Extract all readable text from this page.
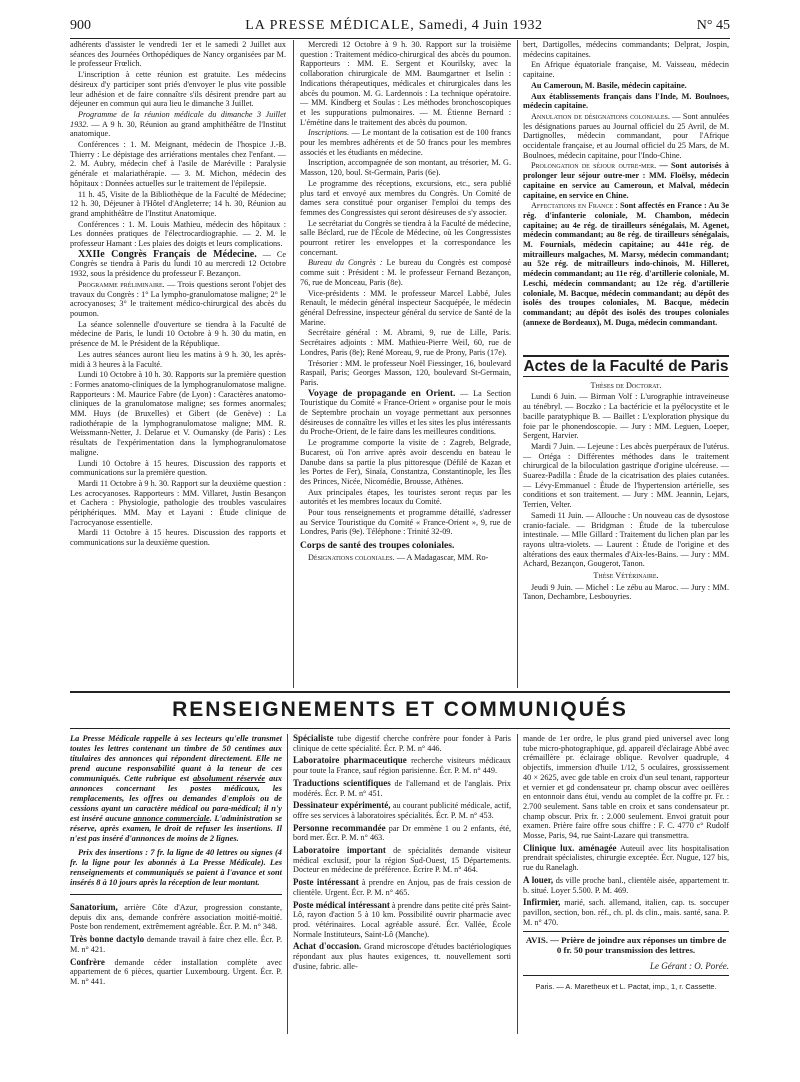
900	LA PRESSE MÉDICALE, Samedi, 4 Juin 1932	N° 45

adhérents d'assister le vendredi 1er et le samedi 2 Juillet aux séances des Journées Orthopédiques de Nancy organisées par M. le professeur Frœlich.

L'inscription à cette réunion est gratuite. Les médecins désireux d'y participer sont priés d'envoyer le plus vite possible leur adhésion et de faire connaître s'ils désirent prendre part au déjeuner en commun qui aura lieu le dimanche 3 Juillet.

Programme de la réunion médicale du dimanche 3 Juillet 1932. — A 9 h. 30, Réunion au grand amphithéâtre de l'Institut anatomique.

Conférences : 1. M. Meignant, médecin de l'hospice J.-B. Thierry : Le dépistage des arriérations mentales chez l'enfant. — 2. M. Aubry, médecin chef à l'asile de Maréville : Paralysie générale et malariathérapie. — 3. M. Michon, médecin des hôpitaux : Données actuelles sur le traitement de l'épilepsie.

11 h. 45, Visite de la Bibliothèque de la Faculté de Médecine; 12 h. 30, Déjeuner à l'Hôtel d'Angleterre; 14 h. 30, Réunion au grand amphithéâtre de l'Institut Anatomique.

Conférences : 1. M. Louis Mathieu, médecin des hôpitaux : Les données pratiques de l'électrocardiographie. — 2. M. le professeur Hamant : Les plaies des doigts et leurs complications.

XXIIe Congrès Français de Médecine. — Ce Congrès se tiendra à Paris du lundi 10 au mercredi 12 Octobre 1932, sous la présidence du professeur F. Bezançon.

Programme préliminaire. — Trois questions seront l'objet des travaux du Congrès : 1° La lympho-granulomatose maligne; 2° le acrocyanoses; 3° le traitement médico-chirurgical des abcès du poumon.

La séance solennelle d'ouverture se tiendra à la Faculté de médecine de Paris, le lundi 10 Octobre à 9 h. 30 du matin, en présence de M. le Président de la République.

Les autres séances auront lieu les matins à 9 h. 30, les après-midi à 3 heures à la Faculté.

Lundi 10 Octobre à 10 h. 30. Rapports sur la première question : Formes anatomo-cliniques de la lymphogranulomatose maligne. Rapporteurs : M. Maurice Fabre (de Lyon) : Caractères anatomo-cliniques de la granulomatose maligne; ses formes anormales; MM. Huys (de Bruxelles) et Gibert (de Genève) : La radiothérapie de la lymphogranulomatose maligne; MM. R. Weissmann-Netter, J. Delarue et V. Oumansky (de Paris) : Les résultats de l'expérimentation dans la lymphogranulomatose maligne.

Lundi 10 Octobre à 15 heures. Discussion des rapports et communications sur la première question.

Mardi 11 Octobre à 9 h. 30. Rapport sur la deuxième question : Les acrocyanoses. Rapporteurs : MM. Villaret, Justin Besançon et Cachera : Physiologie, pathologie des troubles vasculaires périphériques. MM. May et Layani : Étude clinique de l'acrocyanose essentielle.

Mardi 11 Octobre à 15 heures. Discussion des rapports et communications sur la deuxième question.

Mercredi 12 Octobre à 9 h. 30. Rapport sur la troisième question : Traitement médico-chirurgical des abcès du poumon. Rapporteurs : MM. E. Sergent et Kourilsky, avec la collaboration chirurgicale de MM. Baumgartner et Iselin : Indications thérapeutiques, médicales et chirurgicales dans les abcès du poumon. M. G. Lardennois : La technique opératoire. — MM. Kindberg et Soulas : Les méthodes bronchoscopiques et les suppurations pulmonaires. — M. Étienne Bernard : L'émétine dans le traitement des abcès du poumon.

Inscriptions. — Le montant de la cotisation est de 100 francs pour les membres adhérents et de 50 francs pour les membres associés et les étudiants en médecine.

Inscription, accompagnée de son montant, au trésorier, M. G. Masson, 120, boul. St-Germain, Paris (6e).

Le programme des réceptions, excursions, etc., sera publié plus tard et envoyé aux membres du Congrès. Un Comité de dames sera constitué pour organiser l'emploi du temps des femmes des Congressistes qui seront désireuses de s'y associer.

Le secrétariat du Congrès se tiendra à la Faculté de médecine, salle Béclard, rue de l'École de Médecine, où les Congressistes pourront retirer les enveloppes et la correspondance les concernant.

Bureau du Congrès : Le bureau du Congrès est composé comme suit : Président : M. le professeur Fernand Bezançon, 76, rue de Monceau, Paris (8e).

Vice-présidents : MM. le professeur Marcel Labbé, Jules Renault, le médecin général inspecteur Sacquépée, le médecin général Defressine, inspecteur général du service de Santé de la Marine.

Secrétaire général : M. Abrami, 9, rue de Lille, Paris. Secrétaires adjoints : MM. Mathieu-Pierre Weil, 60, rue de Londres, Paris (8e); René Moreau, 9, rue de Prony, Paris (17e).

Trésorier : MM. le professeur Noël Fiessinger, 16, boulevard Raspail, Paris; Georges Masson, 120, boulevard St-Germain, Paris.

Voyage de propagande en Orient. — La Section Touristique du Comité « France-Orient » organise pour le mois de Septembre prochain un voyage permettant aux personnes désireuses de connaître les villes et les sites les plus intéressants du Proche-Orient, de le faire dans les meilleures conditions.

Le programme comporte la visite de : Zagreb, Belgrade, Bucarest, où l'on arrive après avoir descendu en bateau le Danube dans sa partie la plus pittoresque (Défilé de Kazan et les Portes de Fer), Sinaïa, Constantza, Constantinople, les Îles des Princes, Nicée, Nicomédie, Brousse, Athènes.

Aux principales étapes, les touristes seront reçus par les autorités et les membres locaux du Comité.

Pour tous renseignements et programme détaillé, s'adresser au Service Touristique du Comité « France-Orient », 9, rue de Londres, Paris (9e). Téléphone : Trinité 32-09.

Corps de santé des troupes coloniales.

Désignations coloniales. — A Madagascar, MM. Ro-

bert, Dartigolles, médecins commandants; Delprat, Jospin, médecins capitaines.

En Afrique équatoriale française, M. Vaisseau, médecin capitaine.

Au Cameroun, M. Basile, médecin capitaine.

Aux établissements français dans l'Inde, M. Boulnoes, médecin capitaine.

Annulation de désignations coloniales. — Sont annulées les désignations parues au Journal officiel du 25 Avril, de M. Dartignolles, médecin commandant, pour l'Afrique occidentale française, et au Journal officiel du 25 Mars, de M. Boulnoes, médecin capitaine, pour l'Indo-Chine.

Prolongation de séjour outre-mer. — Sont autorisés à prolonger leur séjour outre-mer : MM. Floëlsy, médecin capitaine en service au Cameroun, et Malval, médecin capitaine, en service en Chine.

Affectations en France : Sont affectés en France : Au 3e rég. d'infanterie coloniale, M. Chambon, médecin capitaine; au 4e rég. de tirailleurs sénégalais, M. Agenet, médecin commandant; au 8e rég. de tirailleurs sénégalais, M. Fournials, médecin capitaine; au 441e rég. de mitrailleurs malgaches, M. Marsy, médecin commandant; au 52e rég. de mitrailleurs indo-chinois, M. Hilleret, médecin commandant; au 11e rég. d'artillerie coloniale, M. Leschi, médecin commandant; au 12e rég. d'artillerie coloniale, M. Bacque, médecin commandant; au dépôt des isolés des troupes coloniales, M. Bacque, médecin commandant; au dépôt des isolés des troupes coloniales (annexe de Bordeaux), M. Duga, médecin commandant.

Actes de la Faculté de Paris
Thèses de Doctorat.

Lundi 6 Juin. — Birman Volf : L'urographie intraveineuse au ténébryl. — Boczko : La bactéricie et la pyélocystite et le bacille paratyphique B. — Baillet : L'exploration physique du foie par le phonendoscopie. — Jury : MM. Leguen, Loeper, Sergent, Harvier.

Mardi 7 Juin. — Lejeune : Les abcès puerpéraux de l'utérus. — Ortéga : Différentes méthodes dans le traitement chirurgical de la biloculation gastrique d'origine ulcéreuse. — Suarez-Padilla : Étude de la cicatrisation des plaies cutanées. — Lévy-Emmanuel : Étude de l'hypertension artérielle, ses conditions et son traitement. — Jury : MM. Jeannin, Lejars, Terrien, Velter.

Samedi 11 Juin. — Allouche : Un nouveau cas de dysostose cranio-faciale. — Bridgman : Étude de la tuberculose intestinale. — Mlle Gillard : Traitement du lichen plan par les rayons ultra-violets. — Laurent : Étude de l'origine et des altérations des eaux thermales d'Aix-les-Bains. — Jury : MM. Achard, Bezançon, Gougerot, Tanon.

Thèse Vétérinaire.

Jeudi 9 Juin. — Michel : Le zébu au Maroc. — Jury : MM. Tanon, Dechambre, Lesbouyries.

RENSEIGNEMENTS ET COMMUNIQUÉS
La Presse Médicale rappelle à ses lecteurs qu'elle transmet toutes les lettres contenant un timbre de 50 centimes aux titulaires des annonces qui répondent directement. Elle ne prend aucune responsabilité quant à la teneur de ces communiqués. Cette rubrique est absolument réservée aux annonces concernant les postes médicaux, les remplacements, les offres ou demandes d'emplois ou de cessions ayant un caractère médical ou para-médical; il n'y est inséré aucune annonce commerciale. L'administration se réserve, après examen, le droit de refuser les insertions. Il n'est pas inséré d'annonces de moins de 2 lignes.
Prix des insertions : 7 fr. la ligne de 40 lettres ou signes (4 fr. la ligne pour les abonnés à La Presse Médicale). Les renseignements et communiqués se paient à l'avance et sont insérés 8 à 10 jours après la réception de leur montant.

Sanatorium, arrière Côte d'Azur, progression constante, depuis dix ans, demande confrère association moitié-moitié. Poste bon rendement, extrêmement agréable. Écr. P. M. n° 348.

Très bonne dactylo demande travail à faire chez elle. Écr. P. M. n° 421.

Confrère demande céder installation complète avec appartement de 6 pièces, quartier Luxembourg. Urgent. Écr. P. M. n° 441.

Spécialiste tube digestif cherche confrère pour fonder à Paris clinique de cette spécialité. Écr. P. M. n° 446.

Laboratoire pharmaceutique recherche visiteurs médicaux pour toute la France, sauf région parisienne. Écr. P. M. n° 449.

Traductions scientifiques de l'allemand et de l'anglais. Prix modérés. Écr. P. M. n° 451.

Dessinateur expérimenté, au courant publicité médicale, actif, offre ses services à laboratoires spécialités. Écr. P. M. n° 453.

Personne recommandée par Dr emmène 1 ou 2 enfants, été, bord mer. Écr. P. M. n° 463.

Laboratoire important de spécialités demande visiteur médical exclusif, pour la région Sud-Ouest, 15 Départements. Docteur en médecine de préférence. Écrire P. M. n° 464.

Poste intéressant à prendre en Anjou, pas de frais cession de clientèle. Urgent. Écr. P. M. n° 465.

Poste médical intéressant à prendre dans petite cité près Saint-Lô, rayon d'action 5 à 10 km. Possibilité ouvrir pharmacie avec prod. vétérinaires. Local agréable assuré. Écr. Vallée, École Normale Instituteurs, Saint-Lô (Manche).

Achat d'occasion. Grand microscope d'études bactériologiques répondant aux plus hautes exigences, tt. nouvellement sorti d'usine, fabric. alle-

mande de 1er ordre, le plus grand pied universel avec long tube micro-photographique, gd. appareil d'éclairage Abbé avec crémaillère pr. éclairage oblique. Revolver quadruple, 4 objectifs, immersion d'huile 1/12, 5 oculaires, grossissement 40 × 2625, avec gde table en croix d'un seul tenant, rapporteur et vernier et gd condensateur pr. champ obscur avec oeillères en entonnoir dans étui, vendu au complet de la coffre pr. Fr. : 2.700 seulement. Sans table en croix et sans condensateur pr. champ obscur. Prix fr. : 2.000 seulement. Envoi gratuit pour examen. Prière faire offre sous chiffre : F. C. 4770 c° Rudolf Mosse, Paris, 94, rue Saint-Lazare qui transmettra.

Clinique lux. aménagée Auteuil avec lits hospitalisation prendrait spécialistes, chirurgie exceptée. Écr. Nugue, 127 bis, rue du Ranelagh.

A louer, ds ville proche banl., clientèle aisée, appartement tr. b. situé. Loyer 5.500. P. M. 469.

Infirmier, marié, sach. allemand, italien, cap. ts. soccuper pavillon, section, bon. réf., ch. pl. ds clin., mais. santé, sana. P. M. n° 470.

AVIS. — Prière de joindre aux réponses un timbre de 0 fr. 50 pour transmission des lettres.
Le Gérant : O. Porée.
Paris. — A. Maretheux et L. Pactat, imp., 1, r. Cassette.
